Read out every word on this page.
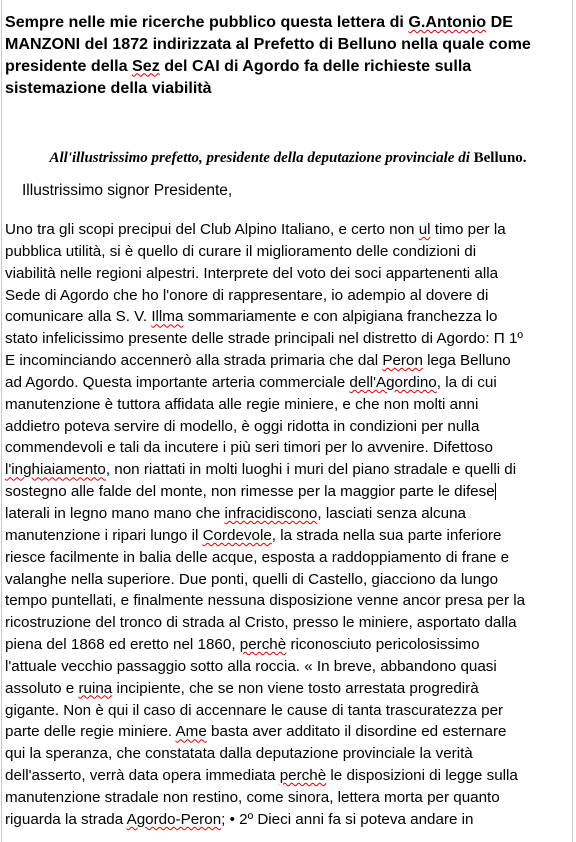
Sempre nelle mie ricerche pubblico questa lettera di G.Antonio DE
MANZONI del 1872 indirizzata al Prefetto di Belluno nella quale come
presidente della Sez del CAI di Agordo fa delle richieste sulla
sistemazione della viabilità
All'illustrissimo prefetto, presidente della deputazione provinciale di Belluno.
Illustrissimo signor Presidente,
Uno tra gli scopi precipui del Club Alpino Italiano, e certo non ul timo per la
pubblica utilità, si è quello di curare il miglioramento delle condizioni di
viabilità nelle regioni alpestri. Interprete del voto dei soci appartenenti alla
Sede di Agordo che ho l'onore di rappresentare, io adempio al dovere di
comunicare alla S. V. Illma sommariamente e con alpigiana franchezza lo
stato infelicissimo presente delle strade principali nel distretto di Agordo: Π 1º
E incominciando accennerò alla strada primaria che dal Peron lega Belluno
ad Agordo. Questa importante arteria commerciale dell'Agordino, la di cui
manutenzione è tuttora affidata alle regie miniere, e che non molti anni
addietro poteva servire di modello, è oggi ridotta in condizioni per nulla
commendevoli e tali da incutere i più seri timori per lo avvenire. Difettoso
l'inghiaiamento, non riattati in molti luoghi i muri del piano stradale e quelli di
sostegno alle falde del monte, non rimesse per la maggior parte le difese
laterali in legno mano mano che infracidiscono, lasciati senza alcuna
manutenzione i ripari lungo il Cordevole, la strada nella sua parte inferiore
riesce facilmente in balia delle acque, esposta a raddoppiamento di frane e
valanghe nella superiore. Due ponti, quelli di Castello, giacciono da lungo
tempo puntellati, e finalmente nessuna disposizione venne ancor presa per la
ricostruzione del tronco di strada al Cristo, presso le miniere, asportato dalla
piena del 1868 ed eretto nel 1860, perchè riconosciuto pericolosissimo
l'attuale vecchio passaggio sotto alla roccia. « In breve, abbandono quasi
assoluto e ruina incipiente, che se non viene tosto arrestata progredirà
gigante. Non è qui il caso di accennare le cause di tanta trascuratezza per
parte delle regie miniere. Ame basta aver additato il disordine ed esternare
qui la speranza, che constatata dalla deputazione provinciale la verità
dell'asserto, verrà data opera immediata perchè le disposizioni di legge sulla
manutenzione stradale non restino, come sinora, lettera morta per quanto
riguarda la strada Agordo-Peron; • 2º Dieci anni fa si poteva andare in
